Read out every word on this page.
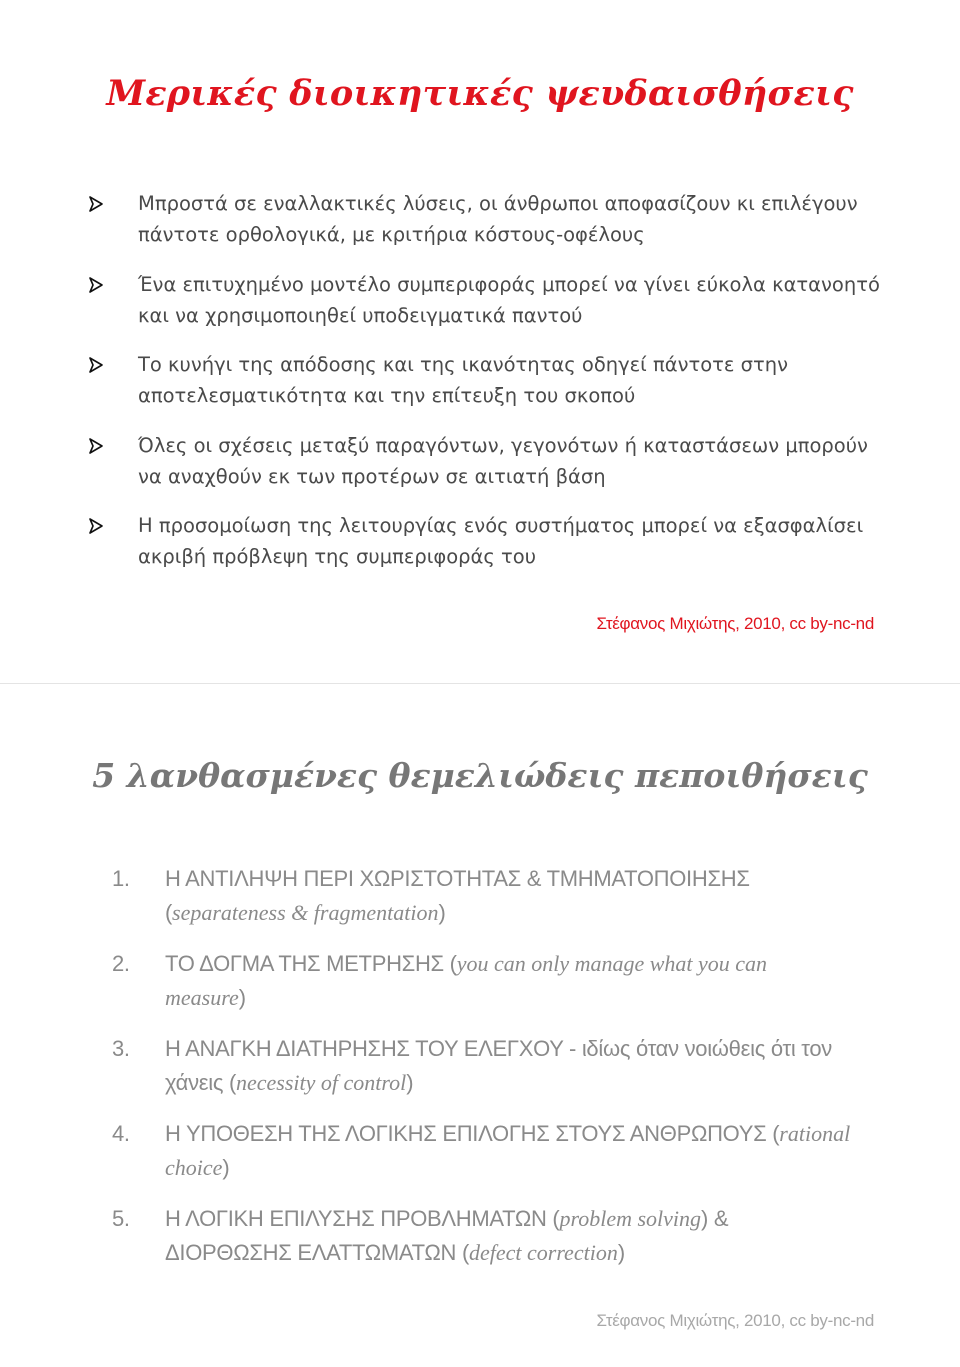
Μερικές διοικητικές ψευδαισθήσεις
Μπροστά σε εναλλακτικές λύσεις, οι άνθρωποι αποφασίζουν κι επιλέγουν πάντοτε ορθολογικά, με κριτήρια κόστους-οφέλους
Ένα επιτυχημένο μοντέλο συμπεριφοράς μπορεί να γίνει εύκολα κατανοητό και να χρησιμοποιηθεί υποδειγματικά παντού
Το κυνήγι της απόδοσης και της ικανότητας οδηγεί πάντοτε στην αποτελεσματικότητα και την επίτευξη του σκοπού
Όλες οι σχέσεις μεταξύ παραγόντων, γεγονότων ή καταστάσεων μπορούν να αναχθούν εκ των προτέρων σε αιτιατή βάση
Η προσομοίωση της λειτουργίας ενός συστήματος μπορεί να εξασφαλίσει ακριβή πρόβλεψη της συμπεριφοράς του
Στέφανος Μιχιώτης, 2010, cc by-nc-nd
5 λανθασμένες θεμελιώδεις πεποιθήσεις
1. Η ΑΝΤΙΛΗΨΗ ΠΕΡΙ ΧΩΡΙΣΤΟΤΗΤΑΣ & ΤΜΗΜΑΤΟΠΟΙΗΣΗΣ (separateness & fragmentation)
2. ΤΟ ΔΟΓΜΑ ΤΗΣ ΜΕΤΡΗΣΗΣ (you can only manage what you can measure)
3. Η ΑΝΑΓΚΗ ΔΙΑΤΗΡΗΣΗΣ ΤΟΥ ΕΛΕΓΧΟΥ - ιδίως όταν νοιώθεις ότι τον χάνεις (necessity of control)
4. Η ΥΠΟΘΕΣΗ ΤΗΣ ΛΟΓΙΚΗΣ ΕΠΙΛΟΓΗΣ ΣΤΟΥΣ ΑΝΘΡΩΠΟΥΣ (rational choice)
5. Η ΛΟΓΙΚΗ ΕΠΙΛΥΣΗΣ ΠΡΟΒΛΗΜΑΤΩΝ (problem solving) & ΔΙΟΡΘΩΣΗΣ ΕΛΑΤΤΩΜΑΤΩΝ (defect correction)
Στέφανος Μιχιώτης, 2010, cc by-nc-nd
